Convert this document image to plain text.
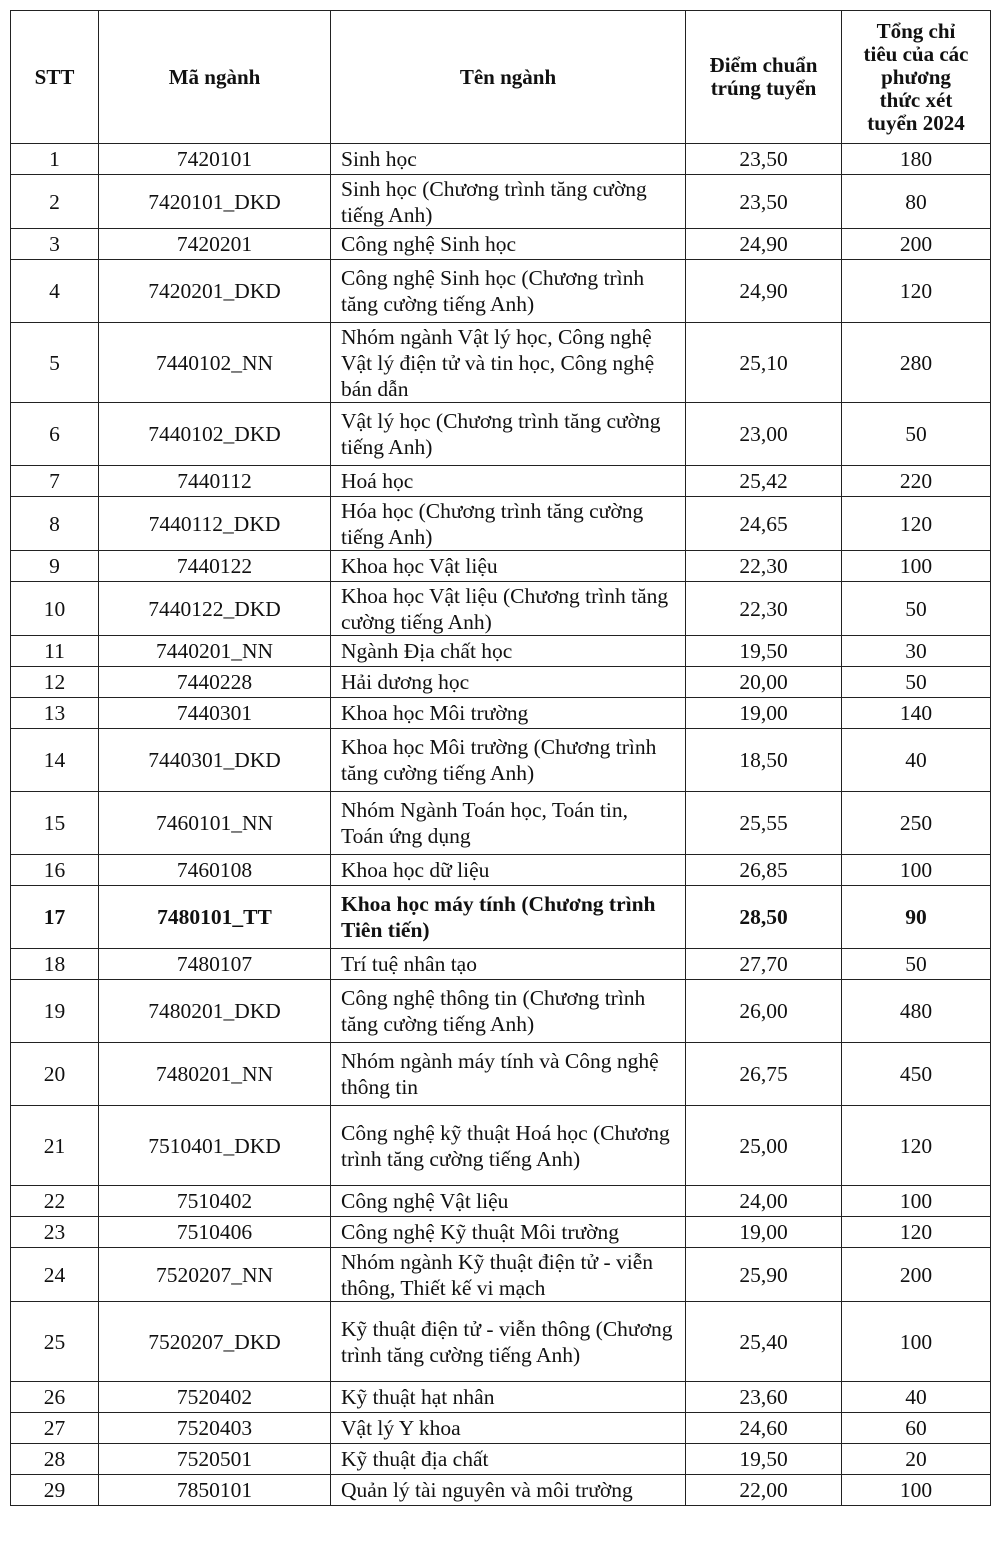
STT	Mã ngành	Tên ngành	Điểm chuẩn trúng tuyển	Tổng chỉ tiêu của các phương thức xét tuyển 2024
1	7420101	Sinh học	23,50	180
2	7420101_DKD	Sinh học (Chương trình tăng cường tiếng Anh)	23,50	80
3	7420201	Công nghệ Sinh học	24,90	200
4	7420201_DKD	Công nghệ Sinh học (Chương trình tăng cường tiếng Anh)	24,90	120
5	7440102_NN	Nhóm ngành Vật lý học, Công nghệ Vật lý điện tử và tin học, Công nghệ bán dẫn	25,10	280
6	7440102_DKD	Vật lý học (Chương trình tăng cường tiếng Anh)	23,00	50
7	7440112	Hoá học	25,42	220
8	7440112_DKD	Hóa học (Chương trình tăng cường tiếng Anh)	24,65	120
9	7440122	Khoa học Vật liệu	22,30	100
10	7440122_DKD	Khoa học Vật liệu (Chương trình tăng cường tiếng Anh)	22,30	50
11	7440201_NN	Ngành Địa chất học	19,50	30
12	7440228	Hải dương học	20,00	50
13	7440301	Khoa học Môi trường	19,00	140
14	7440301_DKD	Khoa học Môi trường (Chương trình tăng cường tiếng Anh)	18,50	40
15	7460101_NN	Nhóm Ngành Toán học, Toán tin, Toán ứng dụng	25,55	250
16	7460108	Khoa học dữ liệu	26,85	100
17	7480101_TT	Khoa học máy tính (Chương trình Tiên tiến)	28,50	90
18	7480107	Trí tuệ nhân tạo	27,70	50
19	7480201_DKD	Công nghệ thông tin (Chương trình tăng cường tiếng Anh)	26,00	480
20	7480201_NN	Nhóm ngành máy tính và Công nghệ thông tin	26,75	450
21	7510401_DKD	Công nghệ kỹ thuật Hoá học (Chương trình tăng cường tiếng Anh)	25,00	120
22	7510402	Công nghệ Vật liệu	24,00	100
23	7510406	Công nghệ Kỹ thuật Môi trường	19,00	120
24	7520207_NN	Nhóm ngành Kỹ thuật điện tử - viễn thông, Thiết kế vi mạch	25,90	200
25	7520207_DKD	Kỹ thuật điện tử - viễn thông (Chương trình tăng cường tiếng Anh)	25,40	100
26	7520402	Kỹ thuật hạt nhân	23,60	40
27	7520403	Vật lý Y khoa	24,60	60
28	7520501	Kỹ thuật địa chất	19,50	20
29	7850101	Quản lý tài nguyên và môi trường	22,00	100
